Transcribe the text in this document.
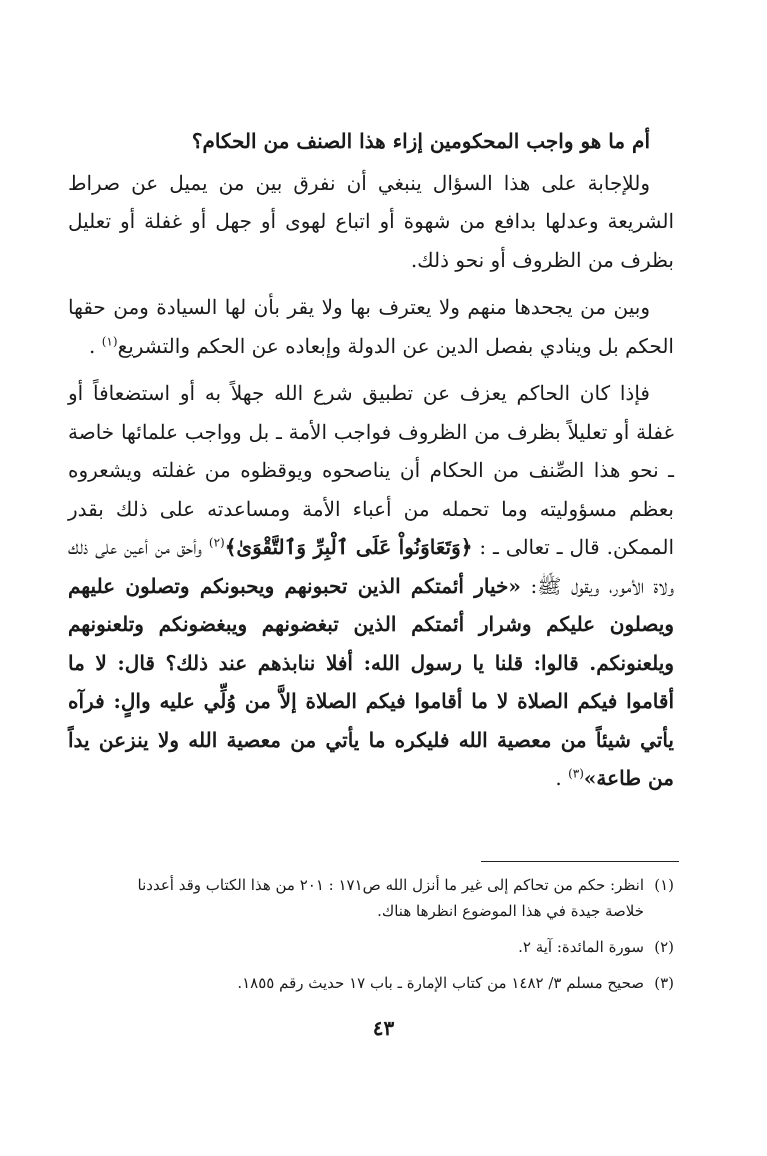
أم ما هو واجب المحكومين إزاء هذا الصنف من الحكام؟

وللإجابة على هذا السؤال ينبغي أن نفرق بين من يميل عن صراط الشريعة وعدلها بدافع من شهوة أو اتباع لهوى أو جهل أو غفلة أو تعليل بظرف من الظروف أو نحو ذلك.

وبين من يجحدها منهم ولا يعترف بها ولا يقر بأن لها السيادة ومن حقها الحكم بل وينادي بفصل الدين عن الدولة وإبعاده عن الحكم والتشريع$^{(١)}$ .

فإذا كان الحاكم يعزف عن تطبيق شرع الله جهلاً به أو استضعافاً أو غفلة أو تعليلاً بظرف من الظروف فواجب الأمة ـ بل وواجب علمائها خاصة ـ نحو هذا الصِّنف من الحكام أن يناصحوه ويوقظوه من غفلته ويشعروه بعظم مسؤوليته وما تحمله من أعباء الأمة ومساعدته على ذلك بقدر الممكن. قال ـ تعالى ـ : ﴿وَتَعَاوَنُواْ عَلَى ٱلْبِرِّ وَٱلتَّقْوَىٰ﴾$^{(٢)}$ وأحق من أعين على ذلك ولاة الأمور، ويقول ﷺ: «خيار أئمتكم الذين تحبونهم ويحبونكم وتصلون عليهم ويصلون عليكم وشرار أئمتكم الذين تبغضونهم ويبغضونكم وتلعنونهم ويلعنونكم. قالوا: قلنا يا رسول الله: أفلا ننابذهم عند ذلك؟ قال: لا ما أقاموا فيكم الصلاة لا ما أقاموا فيكم الصلاة إلاَّ من وُلِّي عليه والٍ: فرآه يأتي شيئاً من معصية الله فليكره ما يأتي من معصية الله ولا ينزعن يداً من طاعة»$^{(٣)}$ .

(١)انظر: حكم من تحاكم إلى غير ما أنزل الله ص١٧١ : ٢٠١ من هذا الكتاب وقد أعددنا
خلاصة جيدة في هذا الموضوع انظرها هناك.

(٢)سورة المائدة: آية ٢.

(٣)صحيح مسلم ٣/ ١٤٨٢ من كتاب الإمارة ـ باب ١٧ حديث رقم ١٨٥٥.

٤٣
